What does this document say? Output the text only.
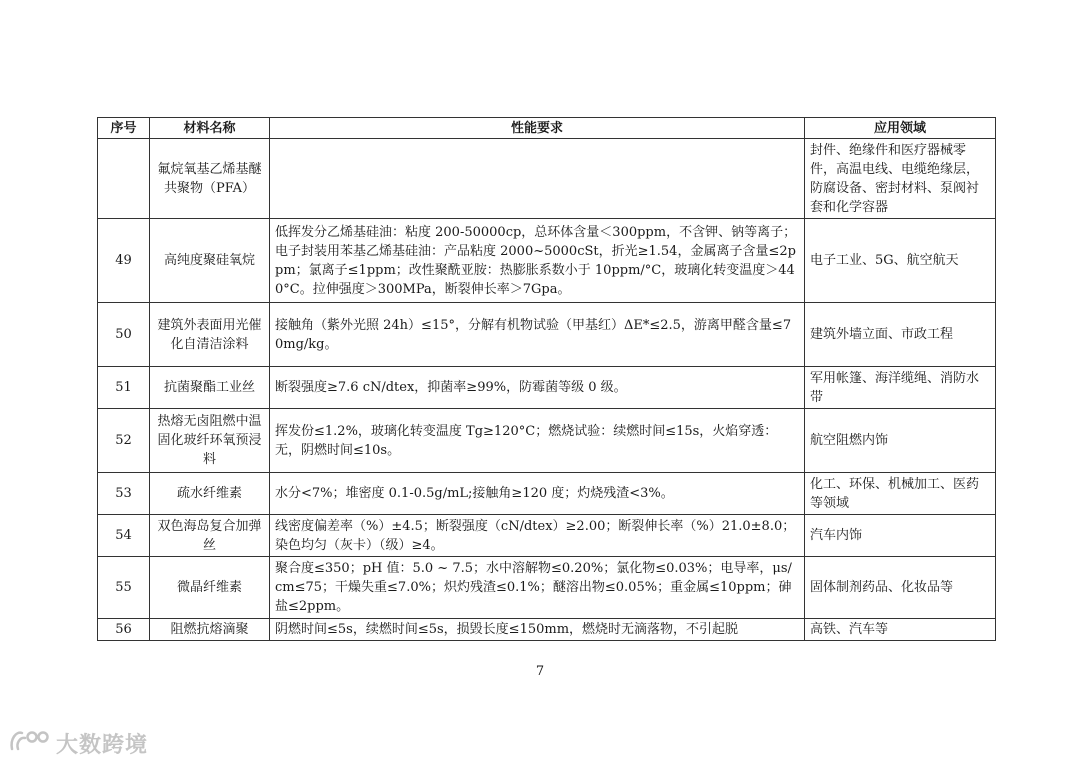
序号	材料名称	性能要求	应用领域
	氟烷氧基乙烯基醚共聚物（PFA）		封件、绝缘件和医疗器械零件，高温电线、电缆绝缘层，防腐设备、密封材料、泵阀衬套和化学容器
49	高纯度聚硅氧烷	低挥发分乙烯基硅油：粘度 200-50000cp，总环体含量＜300ppm，不含钾、钠等离子；电子封装用苯基乙烯基硅油：产品粘度 2000~5000cSt，折光≥1.54，金属离子含量≤2ppm；氯离子≤1ppm；改性聚酰亚胺：热膨胀系数小于 10ppm/°C，玻璃化转变温度＞440°C。拉伸强度＞300MPa，断裂伸长率＞7Gpa。	电子工业、5G、航空航天
50	建筑外表面用光催化自清洁涂料	接触角（紫外光照 24h）≤15°，分解有机物试验（甲基红）ΔE*≤2.5，游离甲醛含量≤70mg/kg。	建筑外墙立面、市政工程
51	抗菌聚酯工业丝	断裂强度≥7.6 cN/dtex，抑菌率≥99%，防霉菌等级 0 级。	军用帐篷、海洋缆绳、消防水带
52	热熔无卤阻燃中温固化玻纤环氧预浸料	挥发份≤1.2%，玻璃化转变温度 Tg≥120°C；燃烧试验：续燃时间≤15s，火焰穿透：无，阴燃时间≤10s。	航空阻燃内饰
53	疏水纤维素	水分<7%；堆密度 0.1-0.5g/mL;接触角≥120 度；灼烧残渣<3%。	化工、环保、机械加工、医药等领域
54	双色海岛复合加弹丝	线密度偏差率（%）±4.5；断裂强度（cN/dtex）≥2.00；断裂伸长率（%）21.0±8.0；染色均匀（灰卡）（级）≥4。	汽车内饰
55	微晶纤维素	聚合度≤350；pH 值：5.0 ~ 7.5；水中溶解物≤0.20%；氯化物≤0.03%；电导率，μs/cm≤75；干燥失重≤7.0%；炽灼残渣≤0.1%；醚溶出物≤0.05%；重金属≤10ppm；砷盐≤2ppm。	固体制剂药品、化妆品等
56	阻燃抗熔滴聚	阴燃时间≤5s，续燃时间≤5s，损毁长度≤150mm，燃烧时无滴落物，不引起脱	高铁、汽车等
7
大数跨境
